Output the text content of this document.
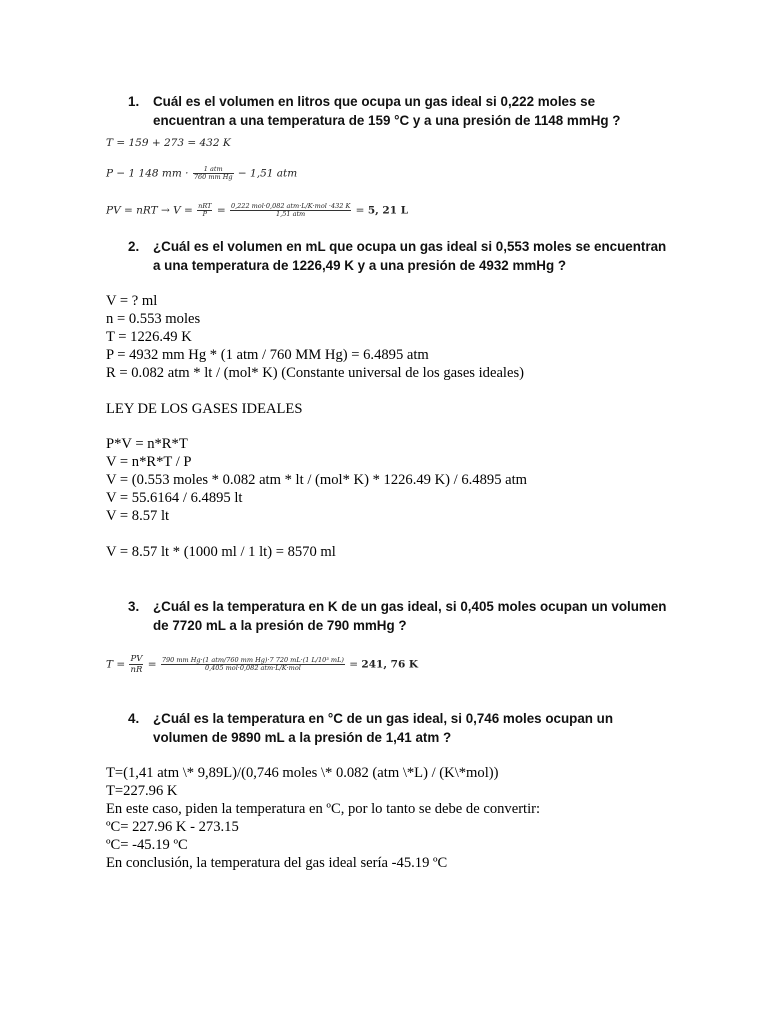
1.	Cuál es el volumen en litros que ocupa un gas ideal si 0,222 moles se encuentran a una temperatura de 159 °C y a una presión de 1148 mmHg ?
T = 159 + 273 = 432 K
P − 1 148 mm · $\frac{\text{1 atm}}{\text{760 mm Hg}} - 1,51$ atm
PV = nRT → $V = \frac{\text{nRT}}{P} = \frac{\text{0,222 mol·0,082 atm·L/K·mol ·432 K}}{\text{1,51 atm}} = 5$, 21 L
2.	¿Cuál es el volumen en mL que ocupa un gas ideal si 0,553 moles se encuentran a una temperatura de 1226,49 K y a una presión de 4932 mmHg ?
V = ? ml
n = 0.553 moles
T = 1226.49 K
P = 4932 mm Hg * (1 atm / 760 MM Hg) = 6.4895 atm
R = 0.082 atm * lt / (mol* K) (Constante universal de los gases ideales)
LEY DE LOS GASES IDEALES
P*V = n*R*T
V = n*R*T / P
V = (0.553 moles * 0.082 atm * lt / (mol* K) * 1226.49 K) / 6.4895 atm
V = 55.6164 / 6.4895 lt
V = 8.57 lt
V = 8.57 lt * (1000 ml / 1 lt) = 8570 ml
3.	¿Cuál es la temperatura en K de un gas ideal, si 0,405 moles ocupan un volumen de 7720 mL a la presión de 790 mmHg ?
$T = \frac{PV}{nR} = \frac{\text{790 mm Hg·(1 atm/760 mm Hg)·7 720 mL·(1 L/10³ mL)}}{\text{0,405 mol·0,082 atm·L/K·mol}} = 241$, 76 K
4.	¿Cuál es la temperatura en °C de un gas ideal, si 0,746 moles ocupan un volumen de 9890 mL a la presión de 1,41 atm ?
T=(1,41 atm \* 9,89L)/(0,746 moles \* 0.082 (atm \*L) / (K\*mol))
T=227.96 K
En este caso, piden la temperatura en ºC, por lo tanto se debe de convertir:
ºC= 227.96 K - 273.15
ºC= -45.19 ºC
En conclusión, la temperatura del gas ideal sería -45.19 ºC
